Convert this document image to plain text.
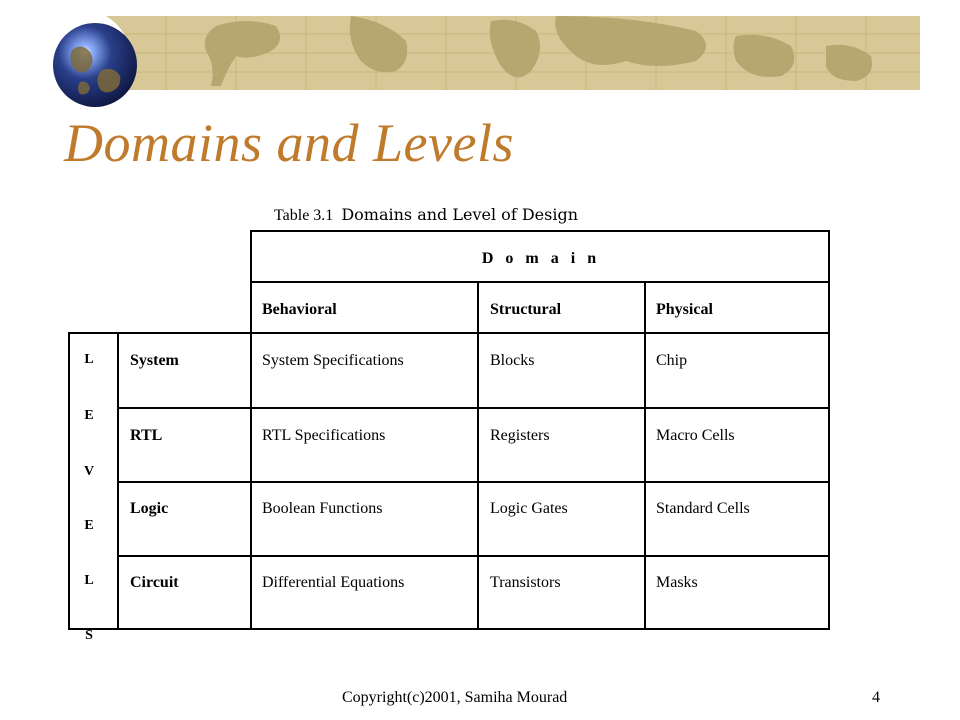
Domains and Levels
Table 3.1 Domains and Level of Design
D o m a i n
Behavioral	Structural	Physical
L
E
V
E
L
S
System	System Specifications	Blocks	Chip
RTL	RTL Specifications	Registers	Macro Cells
Logic	Boolean Functions	Logic Gates	Standard Cells
Circuit	Differential Equations	Transistors	Masks
Copyright(c)2001, Samiha Mourad	4
